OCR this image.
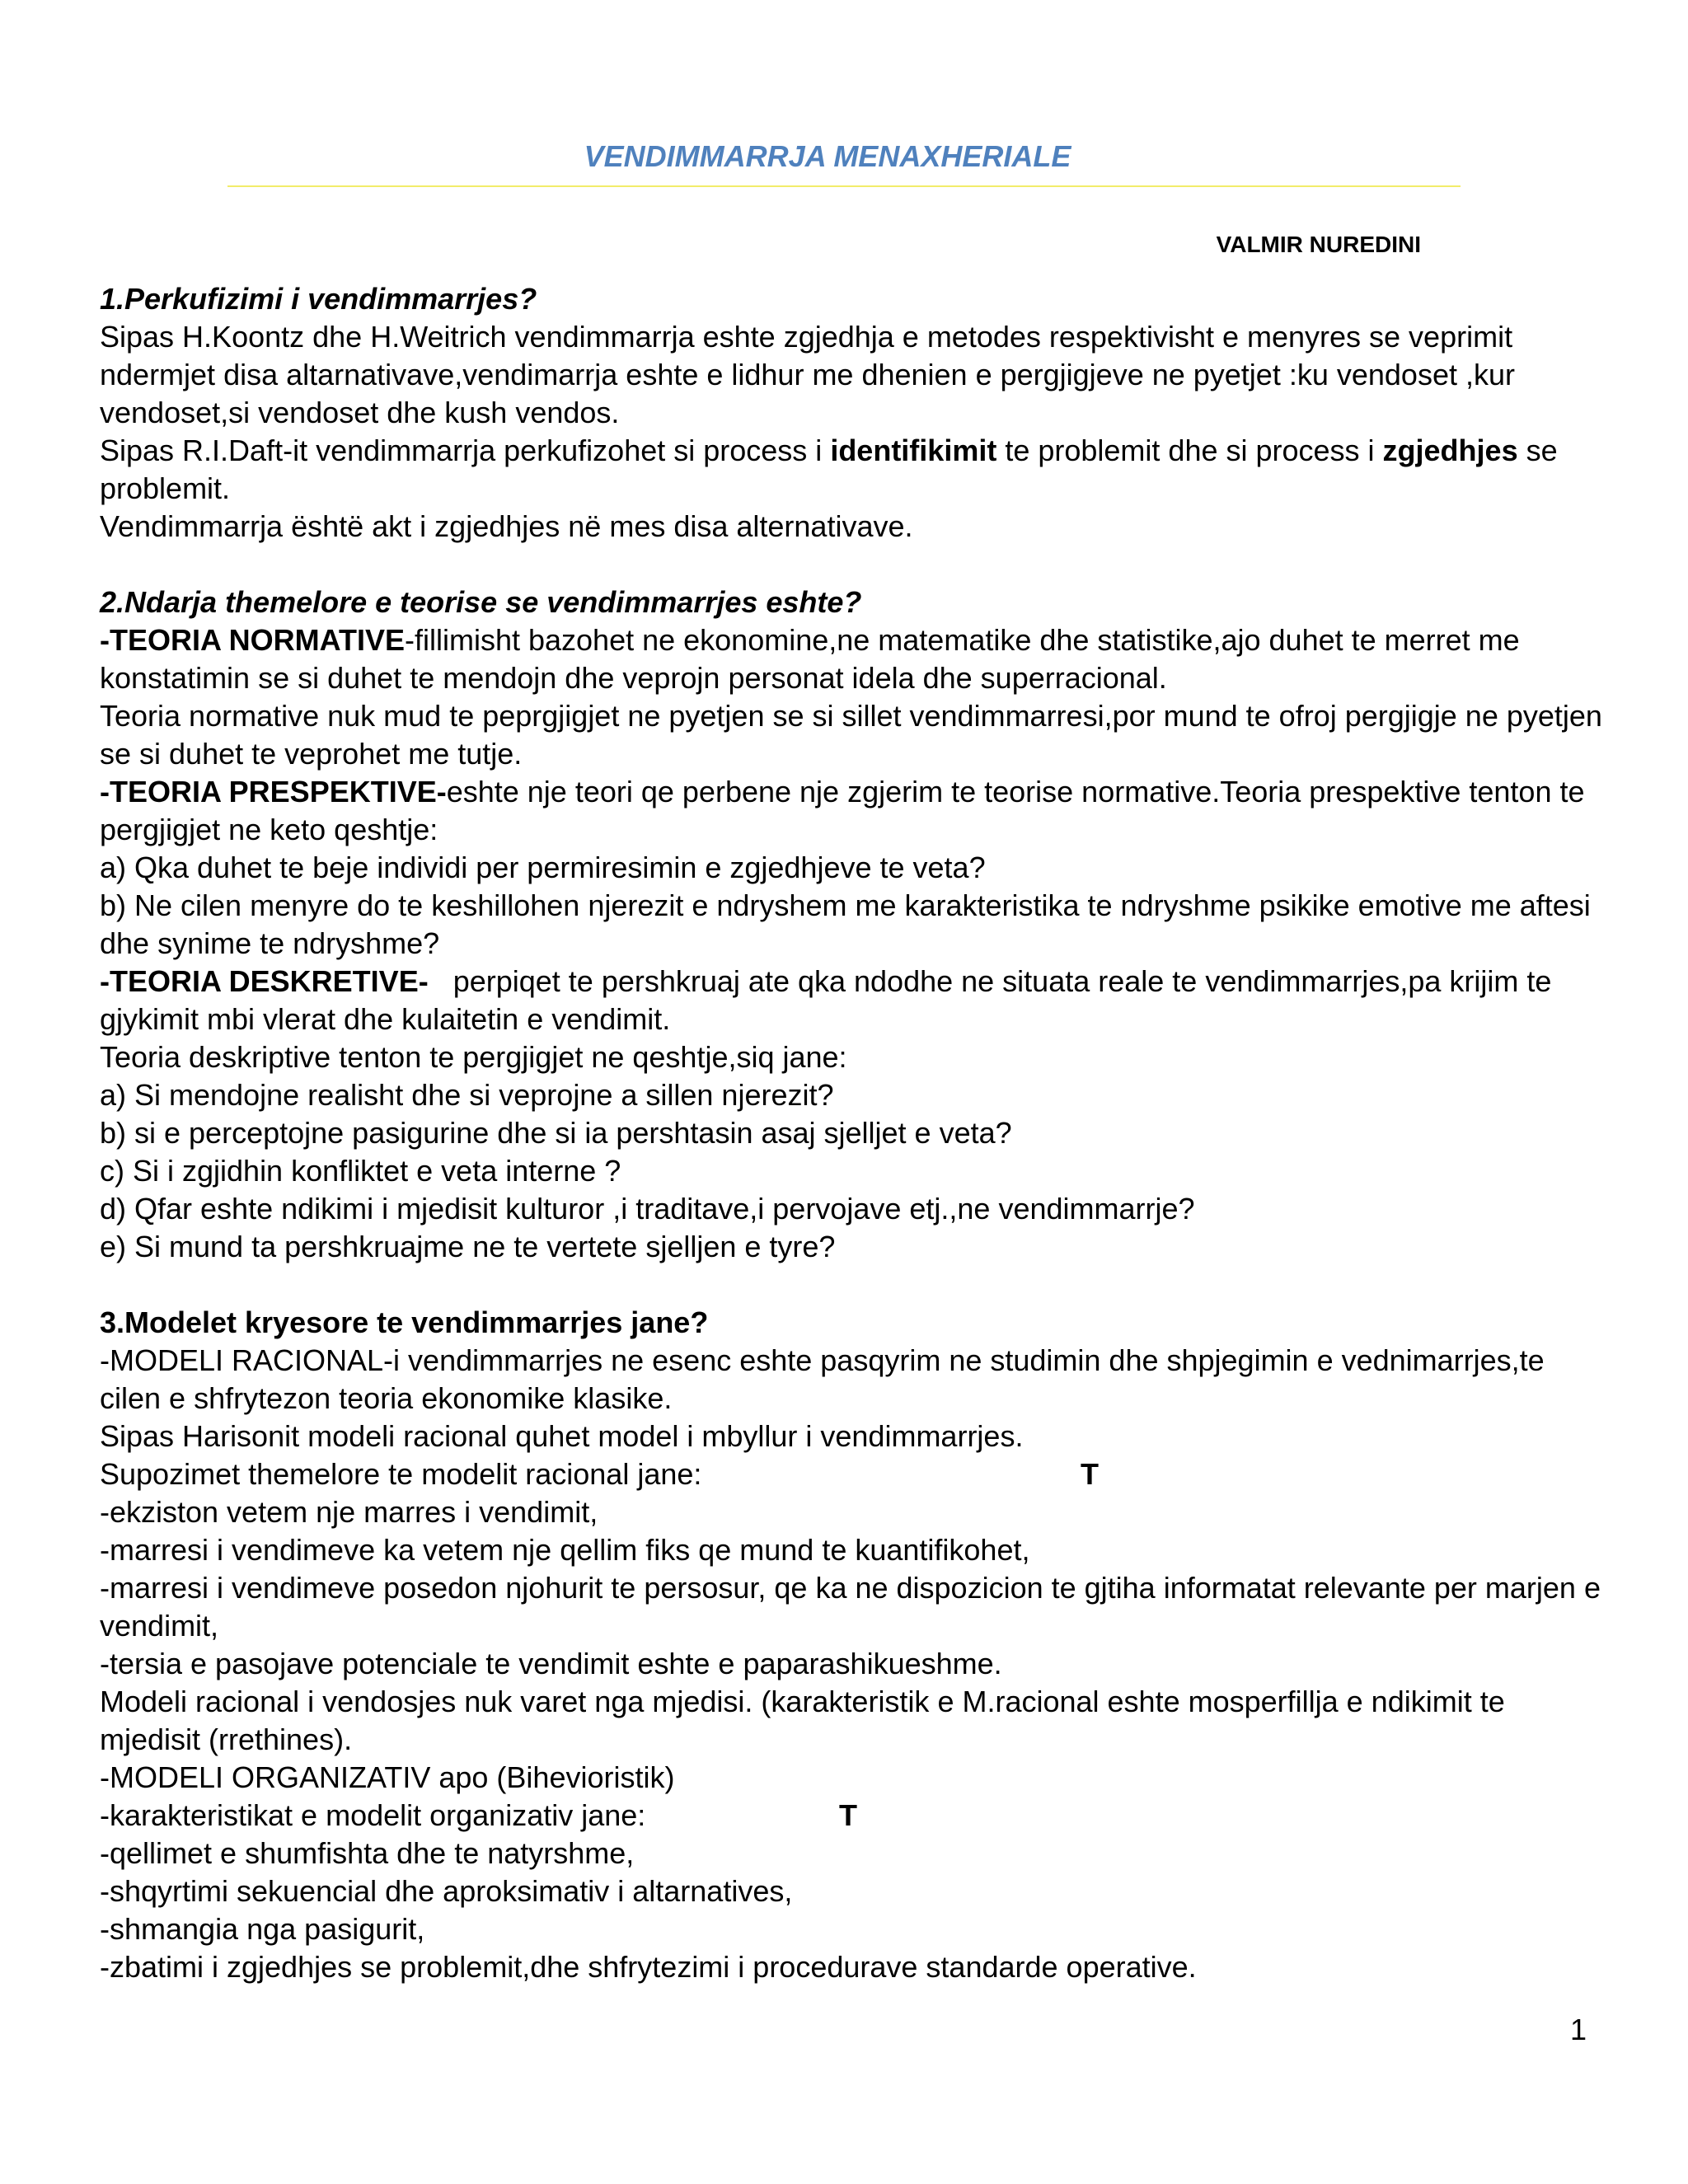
VENDIMMARRJA MENAXHERIALE
VALMIR NUREDINI

1.Perkufizimi i vendimmarrjes?

Sipas H.Koontz dhe H.Weitrich vendimmarrja eshte zgjedhja e metodes respektivisht e menyres se veprimit ndermjet disa altarnativave,vendimarrja eshte e lidhur me dhenien e pergjigjeve ne pyetjet :ku vendoset ,kur vendoset,si vendoset dhe kush vendos.

Sipas R.I.Daft-it vendimmarrja perkufizohet si process i identifikimit te problemit dhe si process i zgjedhjes se problemit.

Vendimmarrja është akt i zgjedhjes në mes disa alternativave.

2.Ndarja themelore e teorise se vendimmarrjes eshte?

-TEORIA NORMATIVE-fillimisht bazohet ne ekonomine,ne matematike dhe statistike,ajo duhet te merret me konstatimin se si duhet te mendojn dhe veprojn personat idela dhe superracional.

Teoria normative nuk mud te peprgjigjet ne pyetjen se si sillet vendimmarresi,por mund te ofroj pergjigje ne pyetjen se si duhet te veprohet me tutje.

-TEORIA PRESPEKTIVE-eshte nje teori qe perbene nje zgjerim te teorise normative.Teoria prespektive tenton te pergjigjet ne keto qeshtje:

a) Qka duhet te beje individi per permiresimin e zgjedhjeve te veta?

b) Ne cilen menyre do te keshillohen njerezit e ndryshem me karakteristika te ndryshme psikike emotive me aftesi dhe synime te ndryshme?

-TEORIA DESKRETIVE-   perpiqet te pershkruaj ate qka ndodhe ne situata reale te vendimmarrjes,pa krijim te gjykimit mbi vlerat dhe kulaitetin e vendimit.

Teoria deskriptive tenton te pergjigjet ne qeshtje,siq jane:

a) Si mendojne realisht dhe si veprojne a sillen njerezit?

b) si e perceptojne pasigurine dhe si ia pershtasin asaj sjelljet e veta?

c) Si i zgjidhin konfliktet e veta interne ?

d) Qfar eshte ndikimi i mjedisit kulturor ,i traditave,i pervojave etj.,ne vendimmarrje?

e) Si mund ta pershkruajme ne te vertete sjelljen e tyre?

3.Modelet kryesore te vendimmarrjes jane?

-MODELI RACIONAL-i vendimmarrjes ne esenc eshte pasqyrim ne studimin dhe shpjegimin e vednimarrjes,te cilen e shfrytezon teoria ekonomike klasike.

Sipas Harisonit modeli racional quhet model i mbyllur i vendimmarrjes.

Supozimet themelore te modelit racional jane:	T

-ekziston vetem nje marres i vendimit,

-marresi i vendimeve ka vetem nje qellim fiks qe mund te kuantifikohet,

-marresi i vendimeve posedon njohurit te persosur, qe ka ne dispozicion te gjtiha informatat relevante per marjen e vendimit,

-tersia e pasojave potenciale te vendimit eshte e paparashikueshme.

Modeli racional i vendosjes nuk varet nga mjedisi. (karakteristik e M.racional eshte mosperfillja e ndikimit te mjedisit (rrethines).

-MODELI ORGANIZATIV apo (Bihevioristik)

-karakteristikat e modelit organizativ jane:	T

-qellimet e shumfishta dhe te natyrshme,

-shqyrtimi sekuencial dhe aproksimativ i altarnatives,

-shmangia nga pasigurit,

-zbatimi i zgjedhjes se problemit,dhe shfrytezimi i procedurave standarde operative.

1
